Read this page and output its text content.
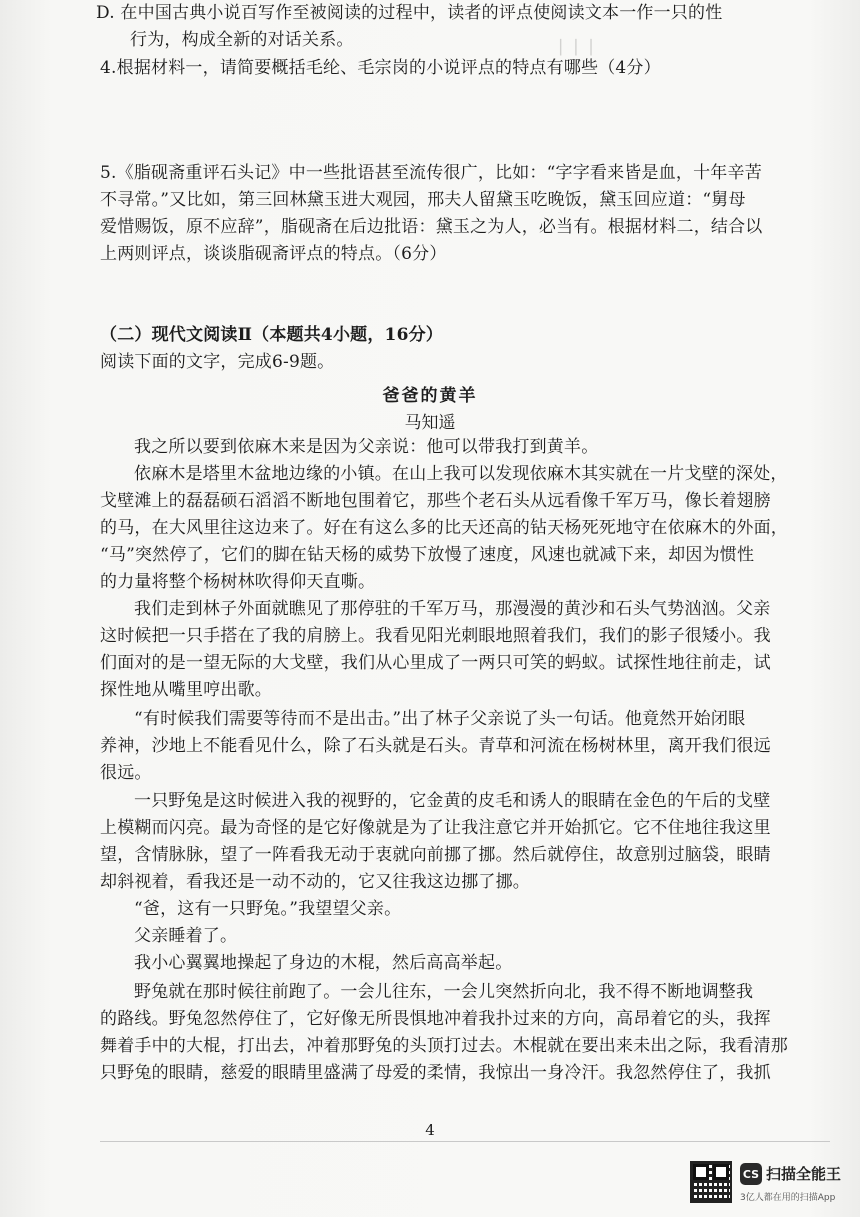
▏ ▏ ▏
D. 在中国古典小说百写作至被阅读的过程中，读者的评点使阅读文本一作一只的性
行为，构成全新的对话关系。
4.根据材料一，请简要概括毛纶、毛宗岗的小说评点的特点有哪些（4分）
5.《脂砚斋重评石头记》中一些批语甚至流传很广，比如：“字字看来皆是血，十年辛苦
不寻常。”又比如，第三回林黛玉进大观园，邢夫人留黛玉吃晚饭，黛玉回应道：“舅母
爱惜赐饭，原不应辞”，脂砚斋在后边批语：黛玉之为人，必当有。根据材料二，结合以
上两则评点，谈谈脂砚斋评点的特点。（6分）
（二）现代文阅读Ⅱ（本题共4小题，16分）
阅读下面的文字，完成6-9题。
爸爸的黄羊
马知遥
我之所以要到依麻木来是因为父亲说：他可以带我打到黄羊。
依麻木是塔里木盆地边缘的小镇。在山上我可以发现依麻木其实就在一片戈壁的深处，
戈壁滩上的磊磊硕石滔滔不断地包围着它，那些个老石头从远看像千军万马，像长着翅膀
的马，在大风里往这边来了。好在有这么多的比天还高的钻天杨死死地守在依麻木的外面，
“马”突然停了，它们的脚在钻天杨的威势下放慢了速度，风速也就减下来，却因为惯性
的力量将整个杨树林吹得仰天直嘶。
我们走到林子外面就瞧见了那停驻的千军万马，那漫漫的黄沙和石头气势汹汹。父亲
这时候把一只手搭在了我的肩膀上。我看见阳光刺眼地照着我们，我们的影子很矮小。我
们面对的是一望无际的大戈壁，我们从心里成了一两只可笑的蚂蚁。试探性地往前走，试
探性地从嘴里哼出歌。
“有时候我们需要等待而不是出击。”出了林子父亲说了头一句话。他竟然开始闭眼
养神，沙地上不能看见什么，除了石头就是石头。青草和河流在杨树林里，离开我们很远
很远。
一只野兔是这时候进入我的视野的，它金黄的皮毛和诱人的眼睛在金色的午后的戈壁
上模糊而闪亮。最为奇怪的是它好像就是为了让我注意它并开始抓它。它不住地往我这里
望，含情脉脉，望了一阵看我无动于衷就向前挪了挪。然后就停住，故意别过脑袋，眼睛
却斜视着，看我还是一动不动的，它又往我这边挪了挪。
“爸，这有一只野兔。”我望望父亲。
父亲睡着了。
我小心翼翼地操起了身边的木棍，然后高高举起。
野兔就在那时候往前跑了。一会儿往东，一会儿突然折向北，我不得不断地调整我
的路线。野兔忽然停住了，它好像无所畏惧地冲着我扑过来的方向，高昂着它的头，我挥
舞着手中的大棍，打出去，冲着那野兔的头顶打过去。木棍就在要出来未出之际，我看清那
只野兔的眼睛，慈爱的眼睛里盛满了母爱的柔情，我惊出一身冷汗。我忽然停住了，我抓
4
CS 扫描全能王
3亿人都在用的扫描App
